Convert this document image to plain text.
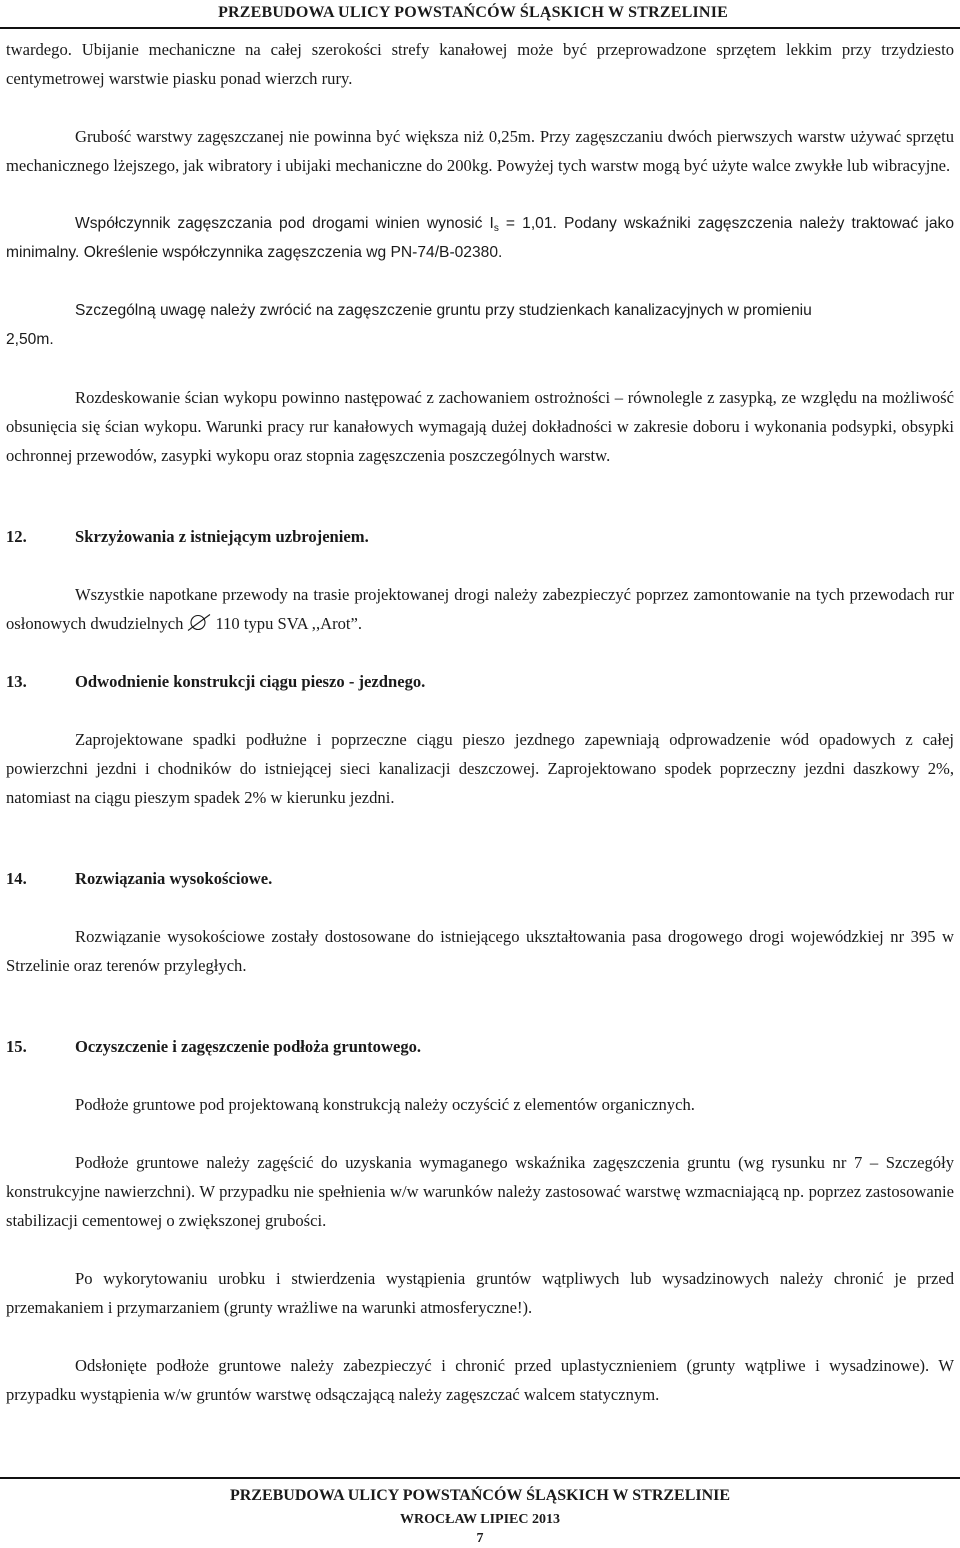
PRZEBUDOWA ULICY POWSTAŃCÓW ŚLĄSKICH W STRZELINIE

twardego. Ubijanie mechaniczne na całej szerokości strefy kanałowej może być przeprowadzone sprzętem lekkim przy trzydziesto centymetrowej warstwie piasku ponad wierzch rury.

Grubość warstwy zagęszczanej nie powinna być większa niż 0,25m. Przy zagęszczaniu dwóch pierwszych warstw używać sprzętu mechanicznego lżejszego, jak wibratory i ubijaki mechaniczne do 200kg. Powyżej tych warstw mogą być użyte walce zwykłe lub wibracyjne.

Współczynnik zagęszczania pod drogami winien wynosić $I_s = 1,01$. Podany wskaźniki zagęszczenia należy traktować jako minimalny. Określenie współczynnika zagęszczenia wg PN-74/B-02380.

Szczególną uwagę należy zwrócić na zagęszczenie gruntu przy studzienkach kanalizacyjnych w promieniu

2,50m.

Rozdeskowanie ścian wykopu powinno następować z zachowaniem ostrożności – równolegle z zasypką, ze względu na możliwość obsunięcia się ścian wykopu. Warunki pracy rur kanałowych wymagają dużej dokładności w zakresie doboru i wykonania podsypki, obsypki ochronnej przewodów, zasypki wykopu oraz stopnia zagęszczenia poszczególnych warstw.

12.	Skrzyżowania z istniejącym uzbrojeniem.

Wszystkie napotkane przewody na trasie projektowanej drogi należy zabezpieczyć poprzez zamontowanie na tych przewodach rur osłonowych dwudzielnych 110 typu SVA ,,Arot”.

13.	Odwodnienie konstrukcji ciągu pieszo - jezdnego.

Zaprojektowane spadki podłużne i poprzeczne ciągu pieszo jezdnego zapewniają odprowadzenie wód opadowych z całej powierzchni jezdni i chodników do istniejącej sieci kanalizacji deszczowej. Zaprojektowano spodek poprzeczny jezdni daszkowy 2%, natomiast na ciągu pieszym spadek 2% w kierunku jezdni.

14.	Rozwiązania wysokościowe.

Rozwiązanie wysokościowe zostały dostosowane do istniejącego ukształtowania pasa drogowego drogi wojewódzkiej nr 395 w Strzelinie oraz terenów przyległych.

15.	Oczyszczenie i zagęszczenie podłoża gruntowego.

Podłoże gruntowe pod projektowaną konstrukcją należy oczyścić z elementów organicznych.

Podłoże gruntowe należy zagęścić do uzyskania wymaganego wskaźnika zagęszczenia gruntu (wg rysunku nr 7 – Szczegóły konstrukcyjne nawierzchni). W przypadku nie spełnienia w/w warunków należy zastosować warstwę wzmacniającą np. poprzez zastosowanie stabilizacji cementowej o zwiększonej grubości.

Po wykorytowaniu urobku i stwierdzenia wystąpienia gruntów wątpliwych lub wysadzinowych należy chronić je przed przemakaniem i przymarzaniem (grunty wrażliwe na warunki atmosferyczne!).

Odsłonięte podłoże gruntowe należy zabezpieczyć i chronić przed uplastycznieniem (grunty wątpliwe i wysadzinowe). W przypadku wystąpienia w/w gruntów warstwę odsączającą należy zagęszczać walcem statycznym.

PRZEBUDOWA ULICY POWSTAŃCÓW ŚLĄSKICH W STRZELINIE
WROCŁAW LIPIEC 2013
7
